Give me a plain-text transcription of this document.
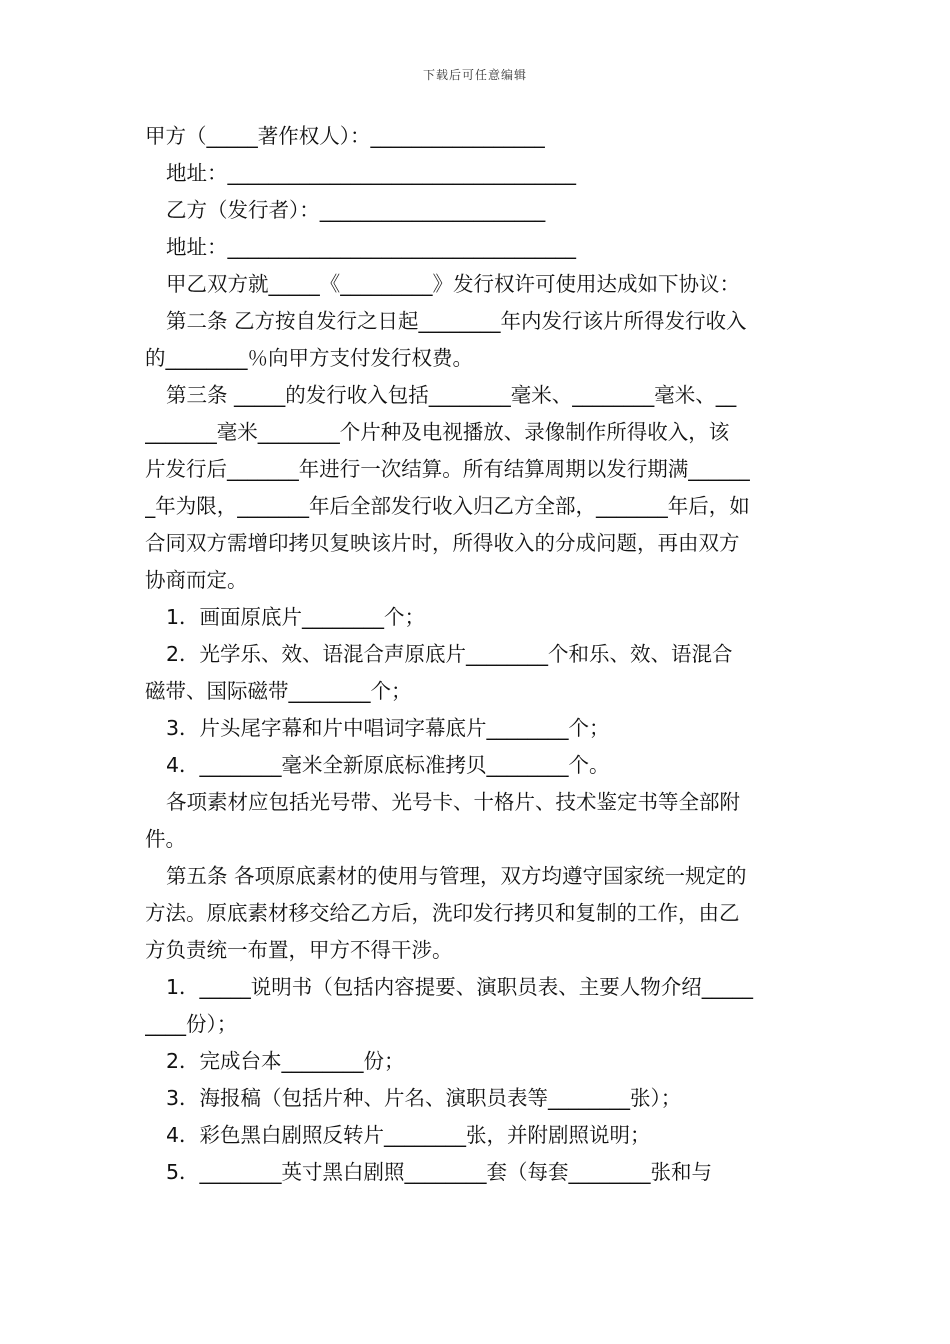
下载后可任意编辑
甲方（_____著作权人）：_________________
地址：__________________________________
乙方（发行者）：______________________
地址：__________________________________
甲乙双方就_____《_________》发行权许可使用达成如下协议：
第二条 乙方按自发行之日起________年内发行该片所得发行收入
的________％向甲方支付发行权费。
第三条 _____的发行收入包括________毫米、________毫米、__
_______毫米________个片种及电视播放、录像制作所得收入，该
片发行后_______年进行一次结算。所有结算周期以发行期满______
_年为限，_______年后全部发行收入归乙方全部，_______年后，如
合同双方需增印拷贝复映该片时，所得收入的分成问题，再由双方
协商而定。
1．画面原底片________个；
2．光学乐、效、语混合声原底片________个和乐、效、语混合
磁带、国际磁带________个；
3．片头尾字幕和片中唱词字幕底片________个；
4．________毫米全新原底标准拷贝________个。
各项素材应包括光号带、光号卡、十格片、技术鉴定书等全部附
件。
第五条 各项原底素材的使用与管理，双方均遵守国家统一规定的
方法。原底素材移交给乙方后，洗印发行拷贝和复制的工作，由乙
方负责统一布置，甲方不得干涉。
1．_____说明书（包括内容提要、演职员表、主要人物介绍_____
____份）；
2．完成台本________份；
3．海报稿（包括片种、片名、演职员表等________张）；
4．彩色黑白剧照反转片________张，并附剧照说明；
5．________英寸黑白剧照________套（每套________张和与
